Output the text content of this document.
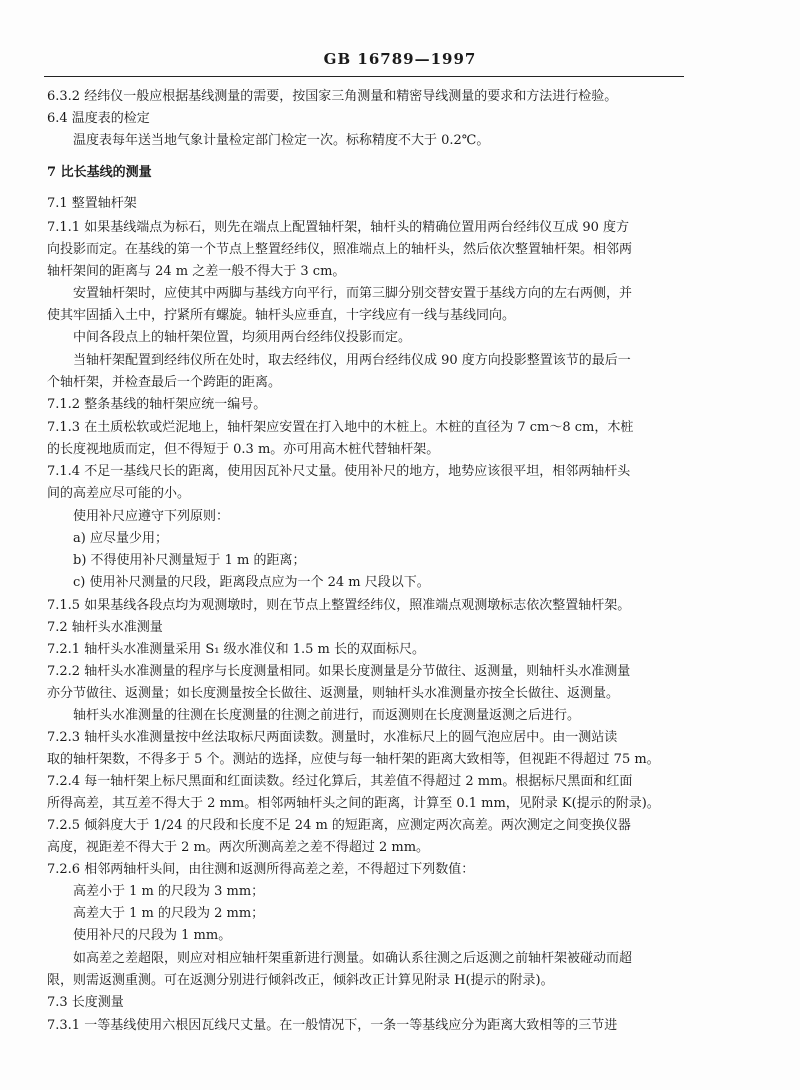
GB 16789—1997
6.3.2 经纬仪一般应根据基线测量的需要，按国家三角测量和精密导线测量的要求和方法进行检验。
6.4 温度表的检定
温度表每年送当地气象计量检定部门检定一次。标称精度不大于 0.2℃。
7 比长基线的测量
7.1 整置轴杆架
7.1.1 如果基线端点为标石，则先在端点上配置轴杆架，轴杆头的精确位置用两台经纬仪互成 90 度方
向投影而定。在基线的第一个节点上整置经纬仪，照准端点上的轴杆头，然后依次整置轴杆架。相邻两
轴杆架间的距离与 24 m 之差一般不得大于 3 cm。
安置轴杆架时，应使其中两脚与基线方向平行，而第三脚分别交替安置于基线方向的左右两侧，并
使其牢固插入土中，拧紧所有螺旋。轴杆头应垂直，十字线应有一线与基线同向。
中间各段点上的轴杆架位置，均须用两台经纬仪投影而定。
当轴杆架配置到经纬仪所在处时，取去经纬仪，用两台经纬仪成 90 度方向投影整置该节的最后一
个轴杆架，并检查最后一个跨距的距离。
7.1.2 整条基线的轴杆架应统一编号。
7.1.3 在土质松软或烂泥地上，轴杆架应安置在打入地中的木桩上。木桩的直径为 7 cm～8 cm，木桩
的长度视地质而定，但不得短于 0.3 m。亦可用高木桩代替轴杆架。
7.1.4 不足一基线尺长的距离，使用因瓦补尺丈量。使用补尺的地方，地势应该很平坦，相邻两轴杆头
间的高差应尽可能的小。
使用补尺应遵守下列原则：
a) 应尽量少用；
b) 不得使用补尺测量短于 1 m 的距离；
c) 使用补尺测量的尺段，距离段点应为一个 24 m 尺段以下。
7.1.5 如果基线各段点均为观测墩时，则在节点上整置经纬仪，照准端点观测墩标志依次整置轴杆架。
7.2 轴杆头水准测量
7.2.1 轴杆头水准测量采用 S₁ 级水准仪和 1.5 m 长的双面标尺。
7.2.2 轴杆头水准测量的程序与长度测量相同。如果长度测量是分节做往、返测量，则轴杆头水准测量
亦分节做往、返测量；如长度测量按全长做往、返测量，则轴杆头水准测量亦按全长做往、返测量。
轴杆头水准测量的往测在长度测量的往测之前进行，而返测则在长度测量返测之后进行。
7.2.3 轴杆头水准测量按中丝法取标尺两面读数。测量时，水准标尺上的圆气泡应居中。由一测站读
取的轴杆架数，不得多于 5 个。测站的选择，应使与每一轴杆架的距离大致相等，但视距不得超过 75 m。
7.2.4 每一轴杆架上标尺黑面和红面读数。经过化算后，其差值不得超过 2 mm。根据标尺黑面和红面
所得高差，其互差不得大于 2 mm。相邻两轴杆头之间的距离，计算至 0.1 mm，见附录 K(提示的附录)。
7.2.5 倾斜度大于 1/24 的尺段和长度不足 24 m 的短距离，应测定两次高差。两次测定之间变换仪器
高度，视距差不得大于 2 m。两次所测高差之差不得超过 2 mm。
7.2.6 相邻两轴杆头间，由往测和返测所得高差之差，不得超过下列数值：
高差小于 1 m 的尺段为 3 mm；
高差大于 1 m 的尺段为 2 mm；
使用补尺的尺段为 1 mm。
如高差之差超限，则应对相应轴杆架重新进行测量。如确认系往测之后返测之前轴杆架被碰动而超
限，则需返测重测。可在返测分别进行倾斜改正，倾斜改正计算见附录 H(提示的附录)。
7.3 长度测量
7.3.1 一等基线使用六根因瓦线尺丈量。在一般情况下，一条一等基线应分为距离大致相等的三节进
